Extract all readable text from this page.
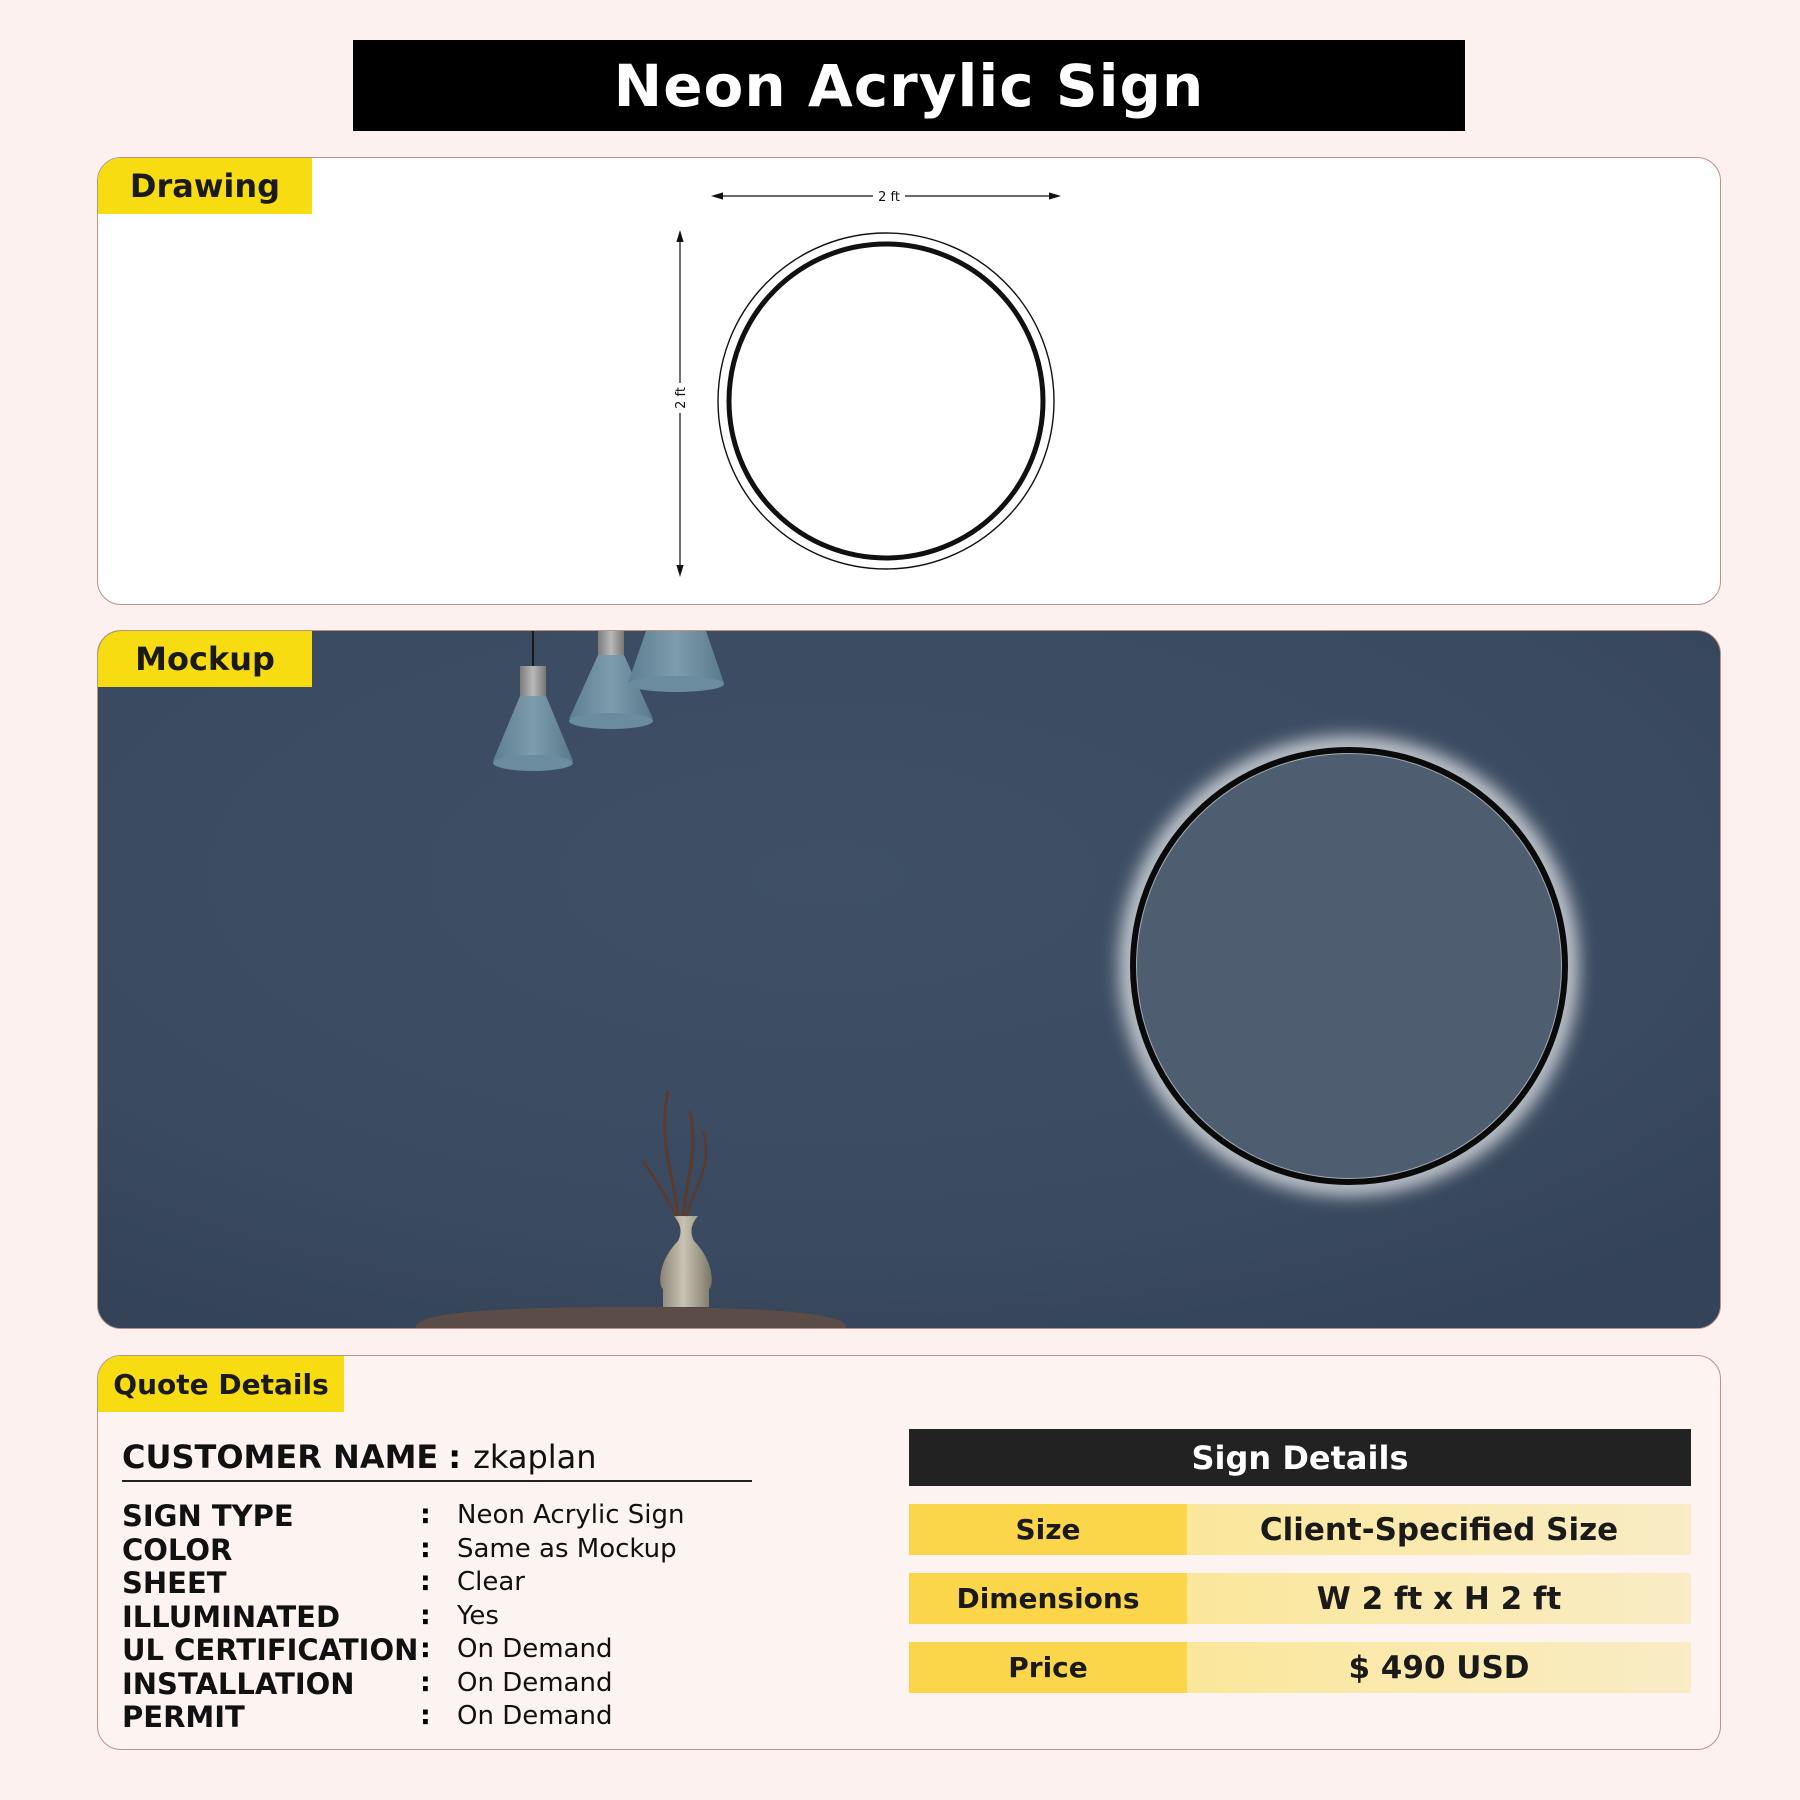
Neon Acrylic Sign
Drawing	2 ft
2 ft
Mockup
Quote Details
CUSTOMER NAME : zkaplan
SIGN TYPE	: Neon Acrylic Sign
COLOR	: Same as Mockup
SHEET	: Clear
ILLUMINATED	: Yes
UL CERTIFICATION : On Demand
INSTALLATION : On Demand
PERMIT	: On Demand
Sign Details
Size	Client-Specified Size
Dimensions	W 2 ft x H 2 ft
Price	$ 490 USD
